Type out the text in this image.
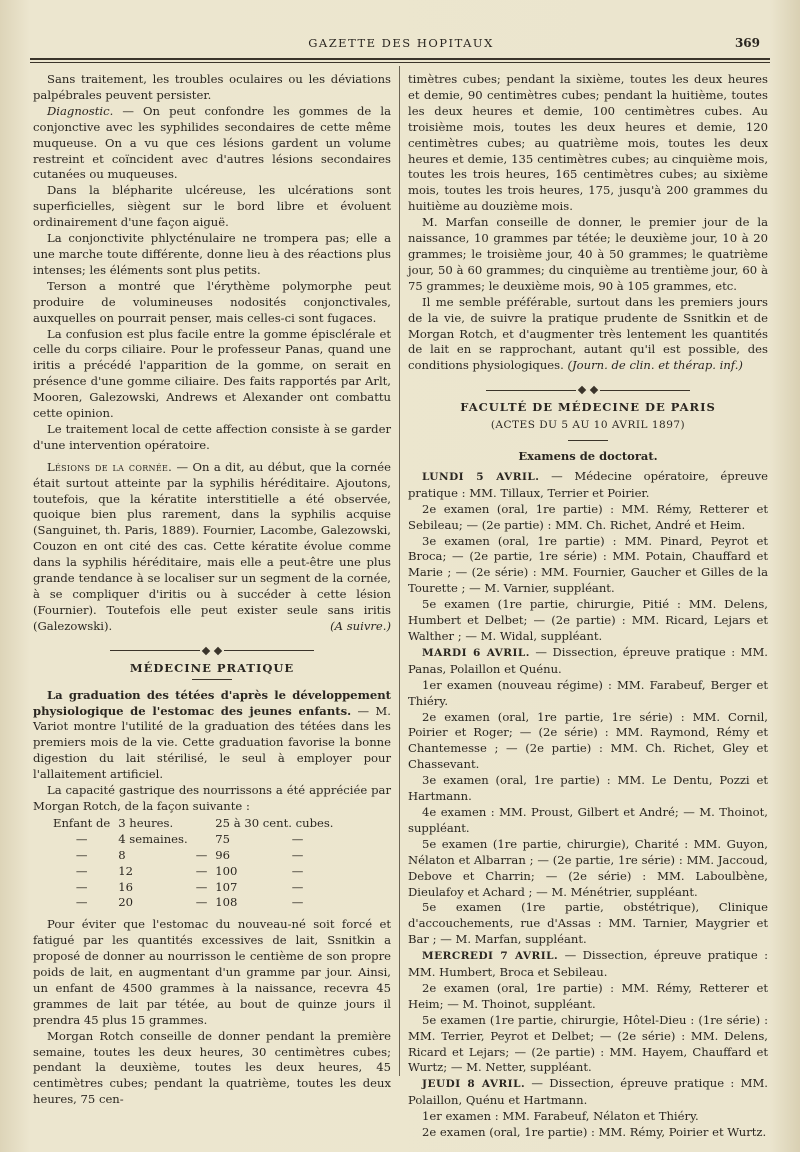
GAZETTE DES HOPITAUX	369

Sans traitement, les troubles oculaires ou les déviations palpébrales peuvent persister.

Diagnostic. — On peut confondre les gommes de la conjonctive avec les syphilides secondaires de cette même muqueuse. On a vu que ces lésions gardent un volume restreint et coïncident avec d'autres lésions secondaires cutanées ou muqueuses.

Dans la blépharite ulcéreuse, les ulcérations sont superficielles, siègent sur le bord libre et évoluent ordinairement d'une façon aiguë.

La conjonctivite phlycténulaire ne trompera pas; elle a une marche toute différente, donne lieu à des réactions plus intenses; les éléments sont plus petits.

Terson a montré que l'érythème polymorphe peut produire de volumineuses nodosités conjonctivales, auxquelles on pourrait penser, mais celles-ci sont fugaces.

La confusion est plus facile entre la gomme épisclérale et celle du corps ciliaire. Pour le professeur Panas, quand une iritis a précédé l'apparition de la gomme, on serait en présence d'une gomme ciliaire. Des faits rapportés par Arlt, Mooren, Galezowski, Andrews et Alexander ont combattu cette opinion.

Le traitement local de cette affection consiste à se garder d'une intervention opératoire.

Lésions de la cornée. — On a dit, au début, que la cornée était surtout atteinte par la syphilis héréditaire. Ajoutons, toutefois, que la kératite interstitielle a été observée, quoique bien plus rarement, dans la syphilis acquise (Sanguinet, th. Paris, 1889). Fournier, Lacombe, Galezowski, Couzon en ont cité des cas. Cette kératite évolue comme dans la syphilis héréditaire, mais elle a peut-être une plus grande tendance à se localiser sur un segment de la cornée, à se compliquer d'iritis ou à succéder à cette lésion (Fournier). Toutefois elle peut exister seule sans iritis (Galezowski).	(A suivre.)

MÉDECINE PRATIQUE

La graduation des tétées d'après le développement physiologique de l'estomac des jeunes enfants. — M. Variot montre l'utilité de la graduation des tétées dans les premiers mois de la vie. Cette graduation favorise la bonne digestion du lait stérilisé, le seul à employer pour l'allaitement artificiel.

La capacité gastrique des nourrissons a été appréciée par Morgan Rotch, de la façon suivante :

Enfant de	3 heures.		25 à 30 cent. cubes.	
—	4 semaines.		75	—
—	8	—	96	—
—	12	—	100	—
—	16	—	107	—
—	20	—	108	—

Pour éviter que l'estomac du nouveau-né soit forcé et fatigué par les quantités excessives de lait, Ssnitkin a proposé de donner au nourrisson le centième de son propre poids de lait, en augmentant d'un gramme par jour. Ainsi, un enfant de 4500 grammes à la naissance, recevra 45 grammes de lait par tétée, au bout de quinze jours il prendra 45 plus 15 grammes.

Morgan Rotch conseille de donner pendant la première semaine, toutes les deux heures, 30 centimètres cubes; pendant la deuxième, toutes les deux heures, 45 centimètres cubes; pendant la quatrième, toutes les deux heures, 75 cen-

timètres cubes; pendant la sixième, toutes les deux heures et demie, 90 centimètres cubes; pendant la huitième, toutes les deux heures et demie, 100 centimètres cubes. Au troisième mois, toutes les deux heures et demie, 120 centimètres cubes; au quatrième mois, toutes les deux heures et demie, 135 centimètres cubes; au cinquième mois, toutes les trois heures, 165 centimètres cubes; au sixième mois, toutes les trois heures, 175, jusqu'à 200 grammes du huitième au douzième mois.

M. Marfan conseille de donner, le premier jour de la naissance, 10 grammes par tétée; le deuxième jour, 10 à 20 grammes; le troisième jour, 40 à 50 grammes; le quatrième jour, 50 à 60 grammes; du cinquième au trentième jour, 60 à 75 grammes; le deuxième mois, 90 à 105 grammes, etc.

Il me semble préférable, surtout dans les premiers jours de la vie, de suivre la pratique prudente de Ssnitkin et de Morgan Rotch, et d'augmenter très lentement les quantités de lait en se rapprochant, autant qu'il est possible, des conditions physiologiques. (Journ. de clin. et thérap. inf.)

FACULTÉ DE MÉDECINE DE PARIS
(ACTES DU 5 AU 10 AVRIL 1897)
Examens de doctorat.

LUNDI 5 AVRIL. — Médecine opératoire, épreuve pratique : MM. Tillaux, Terrier et Poirier.

2e examen (oral, 1re partie) : MM. Rémy, Retterer et Sebileau; — (2e partie) : MM. Ch. Richet, André et Heim.

3e examen (oral, 1re partie) : MM. Pinard, Peyrot et Broca; — (2e partie, 1re série) : MM. Potain, Chauffard et Marie ; — (2e série) : MM. Fournier, Gaucher et Gilles de la Tourette ; — M. Varnier, suppléant.

5e examen (1re partie, chirurgie, Pitié : MM. Delens, Humbert et Delbet; — (2e partie) : MM. Ricard, Lejars et Walther ; — M. Widal, suppléant.

MARDI 6 AVRIL. — Dissection, épreuve pratique : MM. Panas, Polaillon et Quénu.

1er examen (nouveau régime) : MM. Farabeuf, Berger et Thiéry.

2e examen (oral, 1re partie, 1re série) : MM. Cornil, Poirier et Roger; — (2e série) : MM. Raymond, Rémy et Chantemesse ; — (2e partie) : MM. Ch. Richet, Gley et Chassevant.

3e examen (oral, 1re partie) : MM. Le Dentu, Pozzi et Hartmann.

4e examen : MM. Proust, Gilbert et André; — M. Thoinot, suppléant.

5e examen (1re partie, chirurgie), Charité : MM. Guyon, Nélaton et Albarran ; — (2e partie, 1re série) : MM. Jaccoud, Debove et Charrin; — (2e série) : MM. Laboulbène, Dieulafoy et Achard ; — M. Ménétrier, suppléant.

5e examen (1re partie, obstétrique), Clinique d'accouchements, rue d'Assas : MM. Tarnier, Maygrier et Bar ; — M. Marfan, suppléant.

MERCREDI 7 AVRIL. — Dissection, épreuve pratique : MM. Humbert, Broca et Sebileau.

2e examen (oral, 1re partie) : MM. Rémy, Retterer et Heim; — M. Thoinot, suppléant.

5e examen (1re partie, chirurgie, Hôtel-Dieu : (1re série) : MM. Terrier, Peyrot et Delbet; — (2e série) : MM. Delens, Ricard et Lejars; — (2e partie) : MM. Hayem, Chauffard et Wurtz; — M. Netter, suppléant.

JEUDI 8 AVRIL. — Dissection, épreuve pratique : MM. Polaillon, Quénu et Hartmann.

1er examen : MM. Farabeuf, Nélaton et Thiéry.

2e examen (oral, 1re partie) : MM. Rémy, Poirier et Wurtz.
